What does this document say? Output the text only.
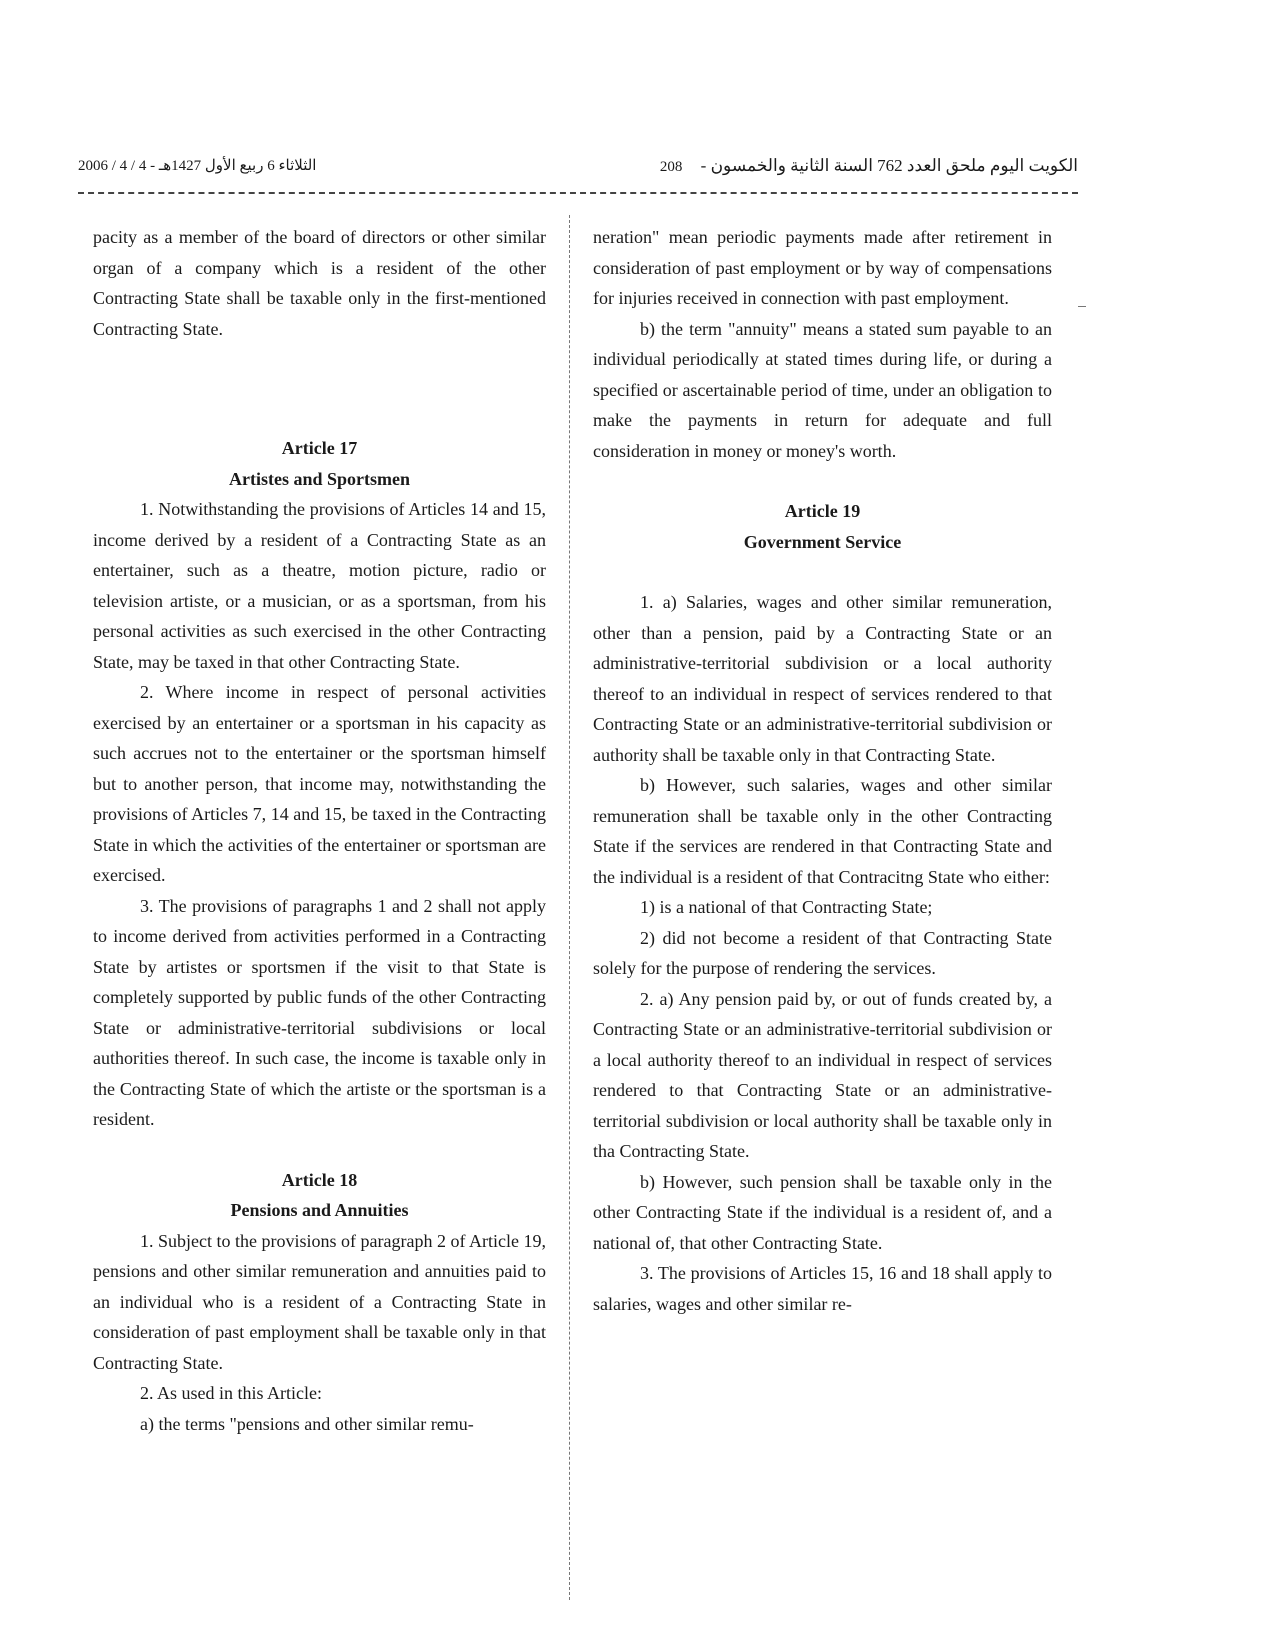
الثلاثاء 6 ربيع الأول 1427هـ - 4 / 4 / 2006	208 الكويت اليوم ملحق العدد 762 السنة الثانية والخمسون -

pacity as a member of the board of directors or other similar organ of a company which is a resident of the other Contracting State shall be taxable only in the first-mentioned Contracting State.

Article 17

Artistes and Sportsmen

1. Notwithstanding the provisions of Articles 14 and 15, income derived by a resident of a Contracting State as an entertainer, such as a theatre, motion picture, radio or television artiste, or a musician, or as a sportsman, from his personal activities as such exercised in the other Contracting State, may be taxed in that other Contracting State.

2. Where income in respect of personal activities exercised by an entertainer or a sportsman in his capacity as such accrues not to the entertainer or the sportsman himself but to another person, that income may, notwithstanding the provisions of Articles 7, 14 and 15, be taxed in the Contracting State in which the activities of the entertainer or sportsman are exercised.

3. The provisions of paragraphs 1 and 2 shall not apply to income derived from activities performed in a Contracting State by artistes or sportsmen if the visit to that State is completely supported by public funds of the other Contracting State or administrative-territorial subdivisions or local authorities thereof. In such case, the income is taxable only in the Contracting State of which the artiste or the sportsman is a resident.

Article 18

Pensions and Annuities

1. Subject to the provisions of paragraph 2 of Article 19, pensions and other similar remuneration and annuities paid to an individual who is a resident of a Contracting State in consideration of past employment shall be taxable only in that Contracting State.

2. As used in this Article:

a) the terms "pensions and other similar remu-

neration" mean periodic payments made after retirement in consideration of past employment or by way of compensations for injuries received in connection with past employment.

b) the term "annuity" means a stated sum payable to an individual periodically at stated times during life, or during a specified or ascertainable period of time, under an obligation to make the payments in return for adequate and full consideration in money or money's worth.

Article 19

Government Service

1. a) Salaries, wages and other similar remuneration, other than a pension, paid by a Contracting State or an administrative-territorial subdivision or a local authority thereof to an individual in respect of services rendered to that Contracting State or an administrative-territorial subdivision or authority shall be taxable only in that Contracting State.

b) However, such salaries, wages and other similar remuneration shall be taxable only in the other Contracting State if the services are rendered in that Contracting State and the individual is a resident of that Contracitng State who either:

1) is a national of that Contracting State;

2) did not become a resident of that Contracting State solely for the purpose of rendering the services.

2. a) Any pension paid by, or out of funds created by, a Contracting State or an administrative-territorial subdivision or a local authority thereof to an individual in respect of services rendered to that Contracting State or an administrative-territorial subdivision or local authority shall be taxable only in tha Contracting State.

b) However, such pension shall be taxable only in the other Contracting State if the individual is a resident of, and a national of, that other Contracting State.

3. The provisions of Articles 15, 16 and 18 shall apply to salaries, wages and other similar re-
